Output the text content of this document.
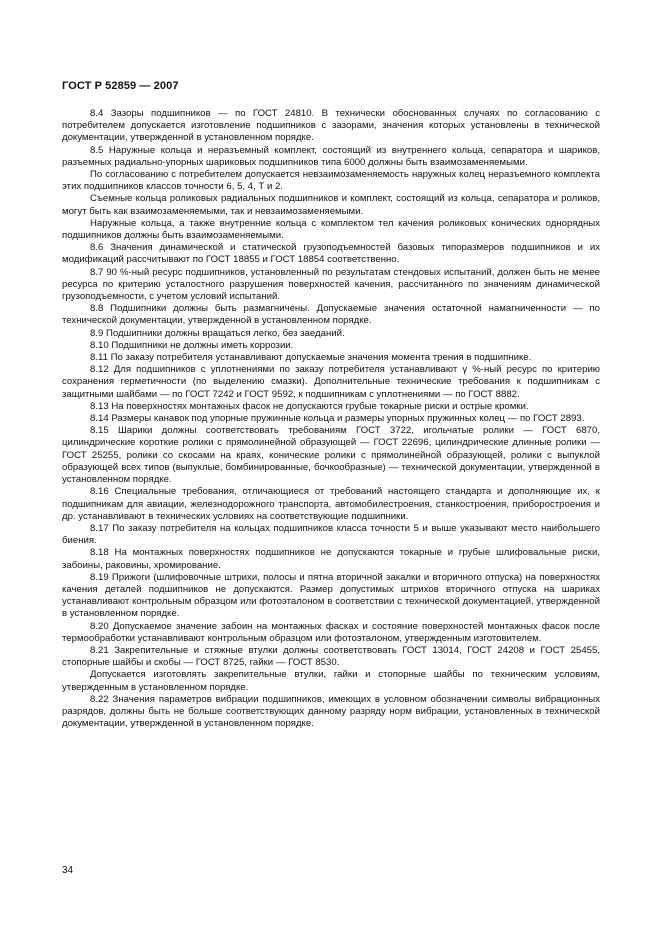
ГОСТ Р 52859 — 2007

8.4 Зазоры подшипников — по ГОСТ 24810. В технически обоснованных случаях по согласованию с потребителем допускается изготовление подшипников с зазорами, значения которых установлены в технической документации, утвержденной в установленном порядке.

8.5 Наружные кольца и неразъемный комплект, состоящий из внутреннего кольца, сепаратора и шариков, разъемных радиально-упорных шариковых подшипников типа 6000 должны быть взаимозаменяемыми.

По согласованию с потребителем допускается невзаимозаменяемость наружных колец неразъемного комплекта этих подшипников классов точности 6, 5, 4, Т и 2.

Съемные кольца роликовых радиальных подшипников и комплект, состоящий из кольца, сепаратора и роликов, могут быть как взаимозаменяемыми, так и невзаимозаменяемыми.

Наружные кольца, а также внутренние кольца с комплектом тел качения роликовых конических однорядных подшипников должны быть взаимозаменяемыми.

8.6 Значения динамической и статической грузоподъемностей базовых типоразмеров подшипников и их модификаций рассчитывают по ГОСТ 18855 и ГОСТ 18854 соответственно.

8.7 90 %-ный ресурс подшипников, установленный по результатам стендовых испытаний, должен быть не менее ресурса по критерию усталостного разрушения поверхностей качения, рассчитанного по значениям динамической грузоподъемности, с учетом условий испытаний.

8.8 Подшипники должны быть размагничены. Допускаемые значения остаточной намагниченности — по технической документации, утвержденной в установленном порядке.

8.9 Подшипники должны вращаться легко, без заеданий.

8.10 Подшипники не должны иметь коррозии.

8.11 По заказу потребителя устанавливают допускаемые значения момента трения в подшипнике.

8.12 Для подшипников с уплотнениями по заказу потребителя устанавливают γ %-ный ресурс по критерию сохранения герметичности (по выделению смазки). Дополнительные технические требования к подшипникам с защитными шайбами — по ГОСТ 7242 и ГОСТ 9592, к подшипникам с уплотнениями — по ГОСТ 8882.

8.13 На поверхностях монтажных фасок не допускаются грубые токарные риски и острые кромки.

8.14 Размеры канавок под упорные пружинные кольца и размеры упорных пружинных колец — по ГОСТ 2893.

8.15 Шарики должны соответствовать требованиям ГОСТ 3722, игольчатые ролики — ГОСТ 6870, цилиндрические короткие ролики с прямолинейной образующей — ГОСТ 22696, цилиндрические длинные ролики — ГОСТ 25255, ролики со скосами на краях, конические ролики с прямолинейной образующей, ролики с выпуклой образующей всех типов (выпуклые, бомбинированные, бочкообразные) — технической документации, утвержденной в установленном порядке.

8.16 Специальные требования, отличающиеся от требований настоящего стандарта и дополняющие их, к подшипникам для авиации, железнодорожного транспорта, автомобилестроения, станкостроения, приборостроения и др. устанавливают в технических условиях на соответствующие подшипники.

8.17 По заказу потребителя на кольцах подшипников класса точности 5 и выше указывают место наибольшего биения.

8.18 На монтажных поверхностях подшипников не допускаются токарные и грубые шлифовальные риски, забоины, раковины, хромирование.

8.19 Прижоги (шлифовочные штрихи, полосы и пятна вторичной закалки и вторичного отпуска) на поверхностях качения деталей подшипников не допускаются. Размер допустимых штрихов вторичного отпуска на шариках устанавливают контрольным образцом или фотоэталоном в соответствии с технической документацией, утвержденной в установленном порядке.

8.20 Допускаемое значение забоин на монтажных фасках и состояние поверхностей монтажных фасок после термообработки устанавливают контрольным образцом или фотоэталоном, утвержденным изготовителем.

8.21 Закрепительные и стяжные втулки должны соответствовать ГОСТ 13014, ГОСТ 24208 и ГОСТ 25455, стопорные шайбы и скобы — ГОСТ 8725, гайки — ГОСТ 8530.

Допускается изготовлять закрепительные втулки, гайки и стопорные шайбы по техническим условиям, утвержденным в установленном порядке.

8.22 Значения параметров вибрации подшипников, имеющих в условном обозначении символы вибрационных разрядов, должны быть не больше соответствующих данному разряду норм вибрации, установленных в технической документации, утвержденной в установленном порядке.

34
